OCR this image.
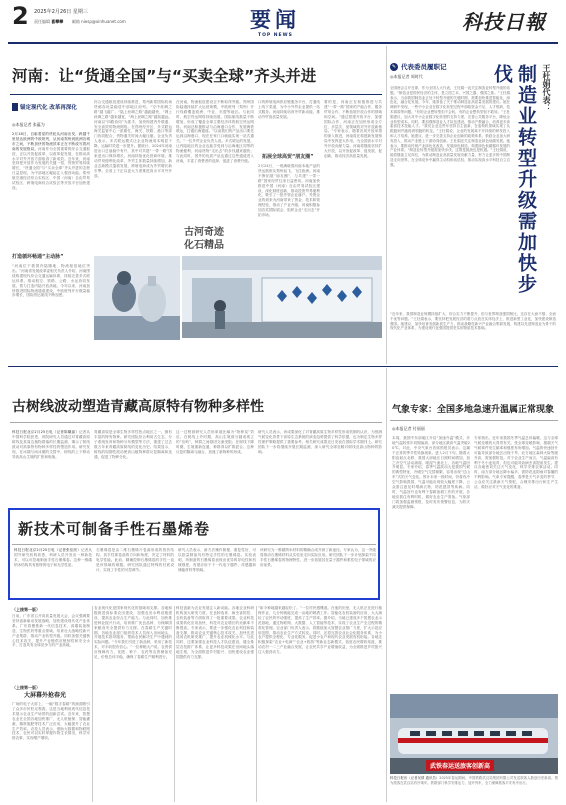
2 2025年2月26日 星期三
责任编辑 喜攀攀 邮箱 niesp@xinhuanet.com	要闻
TOP NEWS
科技日報
河南：让“货通全国”与“买卖全球”齐头并进
锚定现代化 改革再深化
◎本报记者 张蕴为
2月18日，自驱着星的货轮从河南出发，跨越千里抵达欧洲的中欧班列，从河南郑州到欧洲各城市之间，不断加快的物流效率正在不断改写着河南的发展格局。河南作为全国重要的综合交通枢纽，正以开放促改革、以改革促发展，在推动高水平对外开放方面取得了新成效。近年来，河南坚持把开放作为发展的关键一招，货物贸易持续增长，“货通全国”与“买卖全球”齐头并进的态势日益显现，为中部地区崛起注入强劲动能。郑州航空港经济综合实验区、中国（河南）自由贸易试验区、跨境电商综合试验区等开放平台加快建设。
打造循环畅通“主动脉”
“河南位于我国内陆腹地，物流枢纽地位突出。”河南省发展改革委相关负责人介绍，河南围绕构建现代综合交通运输体系，持续完善多式联运体系，推动航空、铁路、公路、水运协同发展，着力打造内陆开放高地。今年以来，河南加快推进国际物流通道建设，中欧班列开行数量稳步增长，国际货运航线不断加密。
综合交通枢纽建设持续推进，郑州新郑国际机场货邮吞吐量稳居中部地区前列。“空中丝绸之路”越飞越广，“陆上丝绸之路”越跑越快，“网上丝绸之路”越来越宽，“海上丝绸之路”越拓越远。河南以“四路协同”为抓手，加快构建内外联通、安全高效的物流网络。在郑州经开区，多式联运海关监管中心一派繁忙，海关、铁路、港口等部门协同配合，货物通关时间大幅压缩。企业负责人表示，多式联运模式让企业物流成本明显下降，运输时效进一步提升。据统计，2024年河南进出口总值稳中有升，其中对共建“一带一路”国家进出口保持增长。河南持续优化营商环境，推动贸易便利化改革，外贸主体数量持续增加，新业态新模式蓬勃发展，跨境电商成为外贸增长新引擎。全省上下正以更大力度推进高水平对外开放。
在河南，物流枢纽建设正不断取得突破。郑州国际陆港持续扩大运营规模，中欧班列（郑州）开行线路覆盖欧洲、中亚、东盟等地区。与此同时，航空货运网络持续拓展，国际航线数量不断增加，形成了覆盖全球主要经济体的航空货运网络。河南还积极推动与沿海港口合作，发展海铁联运，打通出海通道。“以前我们的产品出口要先运到沿海港口，现在在家门口就能实现一站式通关。”一位外贸企业负责人说。多式联运的发展，让内陆地区的企业也能享受到与沿海地区同等的物流便利，河南货物“走出去”的步伐越来越快。与此同时，国外的优质产品也通过这些通道进入河南，丰富了消费者的选择，促进了消费升级。
口的跨境电商供应链服务平台，打通线上线下渠道，为中小外贸企业提供一站式服务。河南持续培育外贸新动能，推动外贸高质量发展。
拓展全球高贸“朋友圈”
2月24日，一班满载着河南本地产品的货运航班从郑州起飞，飞往欧洲。河南不断拓展“朋友圈”，与共建“一带一路”国家经贸往来日益密切。河南加快推进中国（河南）自由贸易试验区建设，深化制度创新，推动投资贸易便利化，吸引了一批外资企业落户。外资企业的到来为河南带来了资金、技术和管理经验，推动了产业升级。河南积极参加各类国际展会，组织企业“走出去”开拓市场。
要的是，河南正在积极推进与共建“一带一路”国家的产能合作、服务贸易合作，不断拓展开放合作的领域和空间。“通过搭建开放平台、加强国际合作，河南正在加快形成全方位、多层次、宽领域的对外开放新格局。”专家表示，随着各项开放举措的深入推进，河南将在构建新发展格局中发挥更大作用，为全国高水平对外开放贡献力量。河南将继续坚持扩大开放，以开放促改革、促发展、促创新，推动经济高质量发展。
古河奇迹
化石精品
✎ 代表委员履职记
◎本报记者 周时代	王杜娟代表：
制造业转型升级需加快步伐
全国两会召开在即，作为全国人大代表，王杜娟一直关注制造业转型升级的话题。“制造业是国民经济的主体，是立国之本、兴国之器、强国之基。”王杜娟表示，当前我国制造业正处于转型升级的关键时期，需要加快推进智能化、绿色化、融合化发展。今年，她准备了关于推动制造业高质量发展的建议。她在调研中发现，一些中小企业在数字化转型过程中面临资金不足、人才短缺、技术薄弱等问题。“有的企业想转型但不会转，有的企业想转型但不敢转。”王杜娟建议，加大对中小企业数字化转型的支持力度，完善公共服务平台，降低企业转型成本。同时，要加强制造业人才队伍建设，推动产教融合，培养更多高素质技术技能人才。“我们企业这些年坚持自主创新，在盾构机领域实现了从跟跑到并跑再到领跑的转变。”王杜娟说，企业的发展离不开持续的研发投入和人才培养。她建议，进一步完善支持企业创新的政策体系，鼓励企业加大研发投入，推动产业链上下游协同创新。王杜娟还关注制造业绿色低碳发展。她表示，要推动传统产业绿色化改造，发展绿色制造，构建绿色低碳循环发展的产业体系。“制造业转型升级需加快步伐，这既是挑战也是机遇。”王杜娟说，她将继续立足岗位，为推动制造业高质量发展贡献力量，努力让更多的中国制造走向世界，在全球竞争中赢得主动权和话语权，推动实现高水平科技自立自强。
“近年来，我国制造业规模持续扩大，综合实力不断提升，但与世界制造强国相比，还存在大而不强、全而不优等问题。”王杜娟表示，要坚持把发展经济的着力点放在实体经济上，推进新型工业化，加快建设制造强国。她建议，加快培育发展新质生产力，推动战略性新兴产业融合集群发展，构建以先进制造业为骨干的现代化产业体系，为建设现代化强国提供坚实的物质技术基础。
古树线波动塑造青藏高原特有物种多样性
科技日报北京2月25日电（记者陈曦嘉）记者从中国科学院获悉，该院研究人员通过对青藏高原树线及其周边植物群落的长期监测，揭示了树线波动对高原特有物种多样性的塑造作用。研究发现，在冰期与间冰期的交替中，树线的上下移动导致高山生境的扩张和收缩。
青藏高原是全球生物多样性热点地区之一，拥有丰富的特有物种。研究团队综合利用古生态、分子系统发育和物种分布模型等方法，重建了过去数万年来青藏高原树线的变化历史。结果显示，树线的周期性波动使高山植物种群反复隔离和连通，促进了物种分化。
这一过程被研究人员形象地比喻为“物种泵”效应。在树线上升时期，高山生境被分割成孤立的“岛屿”，种群之间基因交流受阻；在树线下降时期，生境重新连通，种群得以扩散混合。这种反复的隔离与融合，加速了新物种的形成。
研究人员表示，该成果深化了对青藏高原生物多样性形成机制的认识，为预测气候变化背景下高原生态系统的演变趋势提供了科学依据，也为制定生物多样性保护策略提供了重要参考。相关研究成果近日发表在国际学术期刊上。研究团队下一步将继续开展长期监测，深入研究全球变暖对树线及高山物种的影响。
气象专家：全国多地急速升温属正常现象
◎本报记者 付丽丽
本周，我国中东部地区开启“加速升温”模式，多地气温较常年同期偏高，部分地区最高气温突破20℃。对此，中央气象台首席预报员表示，这属于正常的季节性转换现象。进入2月下旬，随着太阳直射点北移，我国大部地区日照时间增加，加之冷空气活动减弱，暖湿气流北上，各地气温回升明显。专家介绍，春季气温波动大是我国气候的典型特征，冷暖空气交替频繁，容易出现“过山车”式的天气变化。预计未来一段时间，仍将有冷空气影响我国，气温可能出现较大幅度下降，公众需注意及时增减衣物，防范感冒等疾病。同时，气温回升也有利于春耕备耕工作的开展，各地应抓住有利时机，做好农业生产准备。气象部门将加强监测预报，及时发布预警信息，为防灾减灾提供保障。
专家指出，近年来我国冬季气温总体偏暖，这与全球气候变暖的大背景有关。受全球变暖影响，极端天气气候事件发生频率和强度有所增加。气温的快速回升可能导致部分地区出现干旱，北方地区森林火险等级升高，需加强防范。对于农业生产而言，气温偏高有利于冬小麦返青，但也可能导致病虫害提前发生。建议各地密切关注天气变化，科学安排农事活动。同时，南方部分地区降水偏多，需防范连阴雨对春播的不利影响。气象专家提醒，春季是天气多变的季节，公众应关注最新天气预报，合理安排出行和生产生活，做好应对天气变化的准备。
武铁春运送旅客创新高
科技日报讯（记者吴倩 通讯员）2025年春运期间，中国铁路武汉局集团有限公司发送旅客人数创历史新高。图为旅客在武汉站有序乘车。铁路部门科学安排运力，加开列车，全力保障旅客平安有序出行。
新技术可制备手性石墨烯卷
科技日报北京2月25日电（记者张佳欣）记者从国外研究机构获悉，科研人员开发出一种新技术，可以可控地制备手性石墨烯卷。这种一维碳纳米结构具有独特的电子和光学性质。
石墨烯卷是由二维石墨烯片卷曲形成的管状结构，其手性即卷曲的方向和角度，决定了材料的电学性能。此前，精确控制石墨烯卷的手性一直是该领域的难题。研究团队通过特殊的衬底设计，实现了手性的可控调节。
研究人员表示，新方法操作简便、重复性好，可以批量制备具有特定手性的石墨烯卷。实验表明，所制备的石墨烯卷表现出优异的导电性和机械强度，有望应用于下一代电子器件、传感器和储能材料等领域。
该研究为一维碳纳米材料的精确合成开辟了新途径。专家认为，这一突破将推动石墨烯材料从实验室走向实际应用。研究团队下一步计划探索不同手性石墨烯卷的物理特性，进一步拓展其在量子器件和柔性电子领域的应用前景。
（上接第一版）
日前，广东省召开高质量发展大会，会议强调要坚持创新驱动发展战略，加快建设现代化产业体系。广东将聚焦新一代信息技术、高端装备制造、生物医药等重点领域，培育壮大战略性新兴产业集群，推动产业转型升级。同时加强关键核心技术攻关，提升产业链供应链韧性和安全水平，打造具有全球竞争力的产业高地。
（上接第一版）
大屏幕外抢春光
广场的电子大屏上，一幅“数字春耕”的画面吸引了众多市民驻足观看。这是当地利用现代信息技术展示农业生产场景的创新尝试。近年来，智慧农业在全国各地加快推广，无人机植保、智能灌溉、精准施肥等技术广泛应用，大幅提升了农业生产效率。农技人员表示，借助大数据和物联网技术，农民可以实时掌握作物生长情况，科学安排农事，实现增产增收。
农业现代化是国家现代化的基础和支撑。各地积极推进高标准农田建设，加强农田水利设施建设，提高农业综合生产能力。与此同时，加快推进种业振兴行动，培育推广优良品种，为保障国家粮食安全提供有力支撑。在春耕生产关键时期，各地农业部门组织技术人员深入田间地头，开展技术指导服务，帮助农民解决生产中遇到的实际问题。“今年我们引进了新品种，采用了新技术，对丰收很有信心。”一位种粮大户说。农资供应保障有力，化肥、种子、农药等农资储备充足，价格总体平稳，确保了春耕生产顺利进行。
科技创新为农业发展注入新动能。各地农业科研机构加大研发力度，在良种选育、病虫害防控、农机装备等方面取得了一批重要成果。农业科技成果转化应用加快，科技对农业增长的贡献率不断提高。专家表示，要进一步强化农业科技和装备支撑，推动农业关键核心技术攻关，加快先进适用农机研发推广，提升农业机械化水平。与此同时，还要加强农业科技人才队伍建设，健全基层农技推广体系，让更多科技成果在田间地头落地生根，为全面推进乡村振兴、加快建设农业强国提供有力支撑。
“如今种地越来越轻松了。”一位村民感慨道。在他的田里，无人机正在进行植保作业，几分钟就能完成一亩地的喷洒工作。智能化农机装备的应用，大大减轻了农民的劳动强度，提高了生产效率。据介绍，当地已建成多个智慧农业示范基地，通过物联网、大数据、人工智能等技术，实现了农业生产全过程的精准化管理。农业部门负责人表示，将继续加大智慧农业推广力度，扩大示范应用范围，推动农业生产方式转变。同时，还将完善农业社会化服务体系，为小农户提供全程化、专业化服务，促进小农户和现代农业发展有机衔接。各地还积极探索“农业+电商”“农业+旅游”等新业态新模式，拓宽农民增收渠道，推动农村一二三产业融合发展，让农民共享产业增值收益，为全面推进乡村振兴注入强劲动力。
